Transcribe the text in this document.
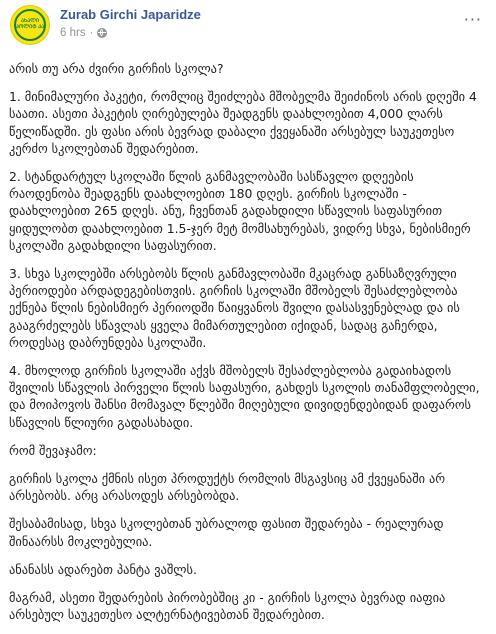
ᲐᲮᲐᲚᲘ ᲞᲝᲚᲘᲢ ᲙᲐ
Zurab Girchi Japaridze
6 hrs ·
···

არის თუ არა ძვირი გირჩის სკოლა?

1. მინიმალური პაკეტი, რომლიც შეიძლება მშობელმა შეიძინოს არის დღეში 4 საათი. ასეთი პაკეტის ღირებულება შეადგენს დაახლოებით 4,000 ლარს წელიწადში. ეს ფასი არის ბევრად დაბალი ქვეყანაში არსებულ საუკეთესო კერძო სკოლებთან შედარებით.

2. სტანდარტულ სკოლაში წლის განმავლობაში სასწავლო დღეების რაოდენობა შეადგენს დაახლოებით 180 დღეს. გირჩის სკოლაში - დაახლოებით 265 დღეს. ანუ, ჩვენთან გადახდილი სწავლის საფასურით ყიდულობთ დაახლოებით 1.5-ჯერ მეტ მომსახურებას, ვიდრე სხვა, ნებისმიერ სკოლაში გადახდილი საფასურით.

3. სხვა სკოლებში არსებობს წლის განმავლობაში მკაცრად განსაზღვრული პერიოდები არდადეგებისთვის. გირჩის სკოლაში მშობელს შესაძლებლობა ექნება წლის ნებისმიერ პერიოდში წაიყვანოს შვილი დასასვენებლად და ის გააგრძელებს სწავლას ყველა მიმართულებით იქიდან, სადაც გაჩერდა, როდესაც დაბრუნდება სკოლაში.

4. მხოლოდ გირჩის სკოლაში აქვს მშობელს შესაძლებლობა გადაიხადოს შვილის სწავლის პირველი წლის საფასური, გახდეს სკოლის თანამფლობელი, და მოიპოვოს შანსი მომავალ წლებში მიღებული დივიდენდებიდან დაფაროს სწავლის წლიური გადასახადი.

რომ შევაჯამო:

გირჩის სკოლა ქმნის ისეთ პროდუქტს რომლის მსგავსიც ამ ქვეყანაში არ არსებობს. არც არასოდეს არსებობდა.

შესაბამისად, სხვა სკოლებთან უბრალოდ ფასით შედარება - რეალურად შინაარსს მოკლებულია.

ანანასს ადარებთ პანტა ვაშლს.

მაგრამ, ასეთი შედარების პირობებშიც კი - გირჩის სკოლა ბევრად იაფია არსებულ საუკეთესო ალტერნატივებთან შედარებით.
